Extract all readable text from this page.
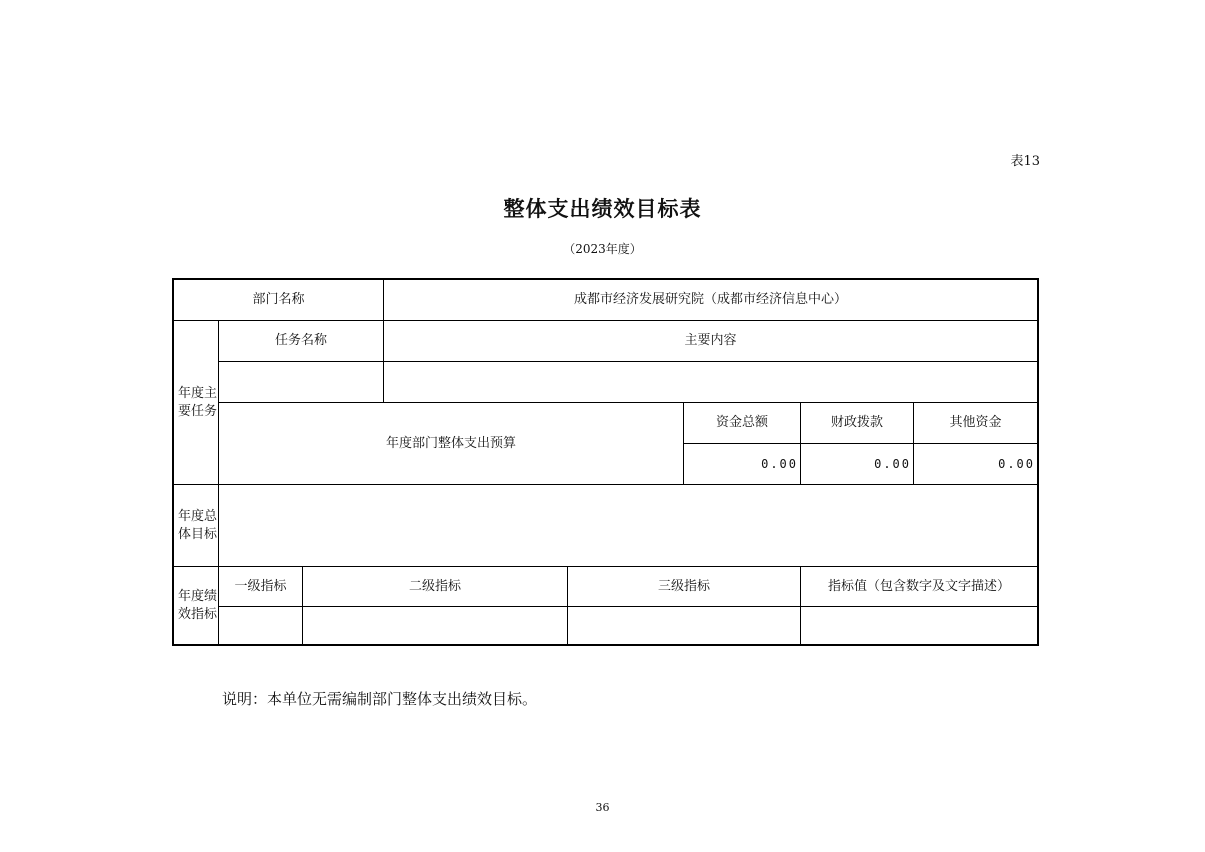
表13
整体支出绩效目标表
（2023年度）
部门名称	成都市经济发展研究院（成都市经济信息中心）
年度主要任务
任务名称	主要内容
年度部门整体支出预算
资金总额	财政拨款	其他资金
0.00	0.00	0.00
年度总体目标
年度绩效指标
一级指标	二级指标	三级指标	指标值（包含数字及文字描述）
说明：本单位无需编制部门整体支出绩效目标。
36
